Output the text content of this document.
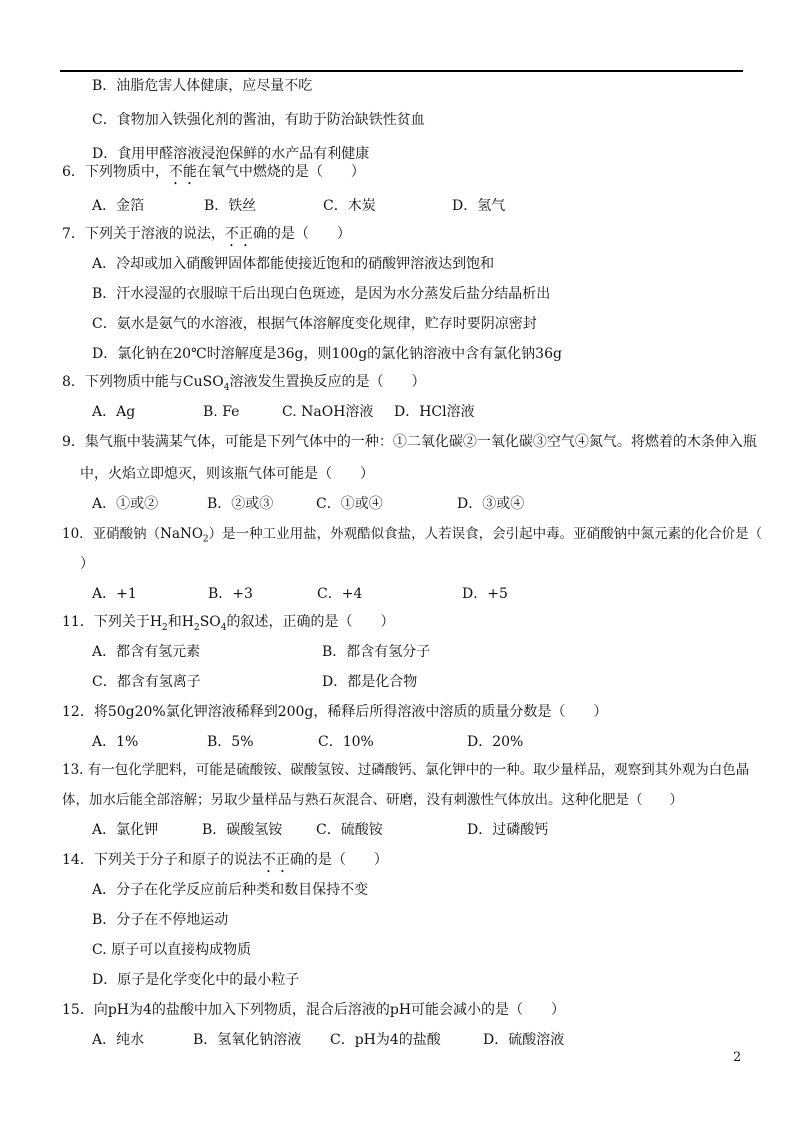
B．油脂危害人体健康，应尽量不吃
C．食物加入铁强化剂的酱油，有助于防治缺铁性贫血
D．食用甲醛溶液浸泡保鲜的水产品有利健康
6．下列物质中，不能在氧气中燃烧的是（　　）
A．金箔	B．铁丝	C．木炭	D．氢气
7．下列关于溶液的说法，不正确的是（　　）
A．冷却或加入硝酸钾固体都能使接近饱和的硝酸钾溶液达到饱和
B．汗水浸湿的衣服晾干后出现白色斑迹，是因为水分蒸发后盐分结晶析出
C．氨水是氨气的水溶液，根据气体溶解度变化规律，贮存时要阴凉密封
D．氯化钠在20℃时溶解度是36g，则100g的氯化钠溶液中含有氯化钠36g
8．下列物质中能与CuSO$_4$溶液发生置换反应的是（　　）
A．Ag	B. Fe	C. NaOH溶液 D．HCl溶液
9．集气瓶中装满某气体，可能是下列气体中的一种：①二氧化碳②一氧化碳③空气④氮气。将燃着的木条伸入瓶
中，火焰立即熄灭，则该瓶气体可能是（　　）
A．①或②	B．②或③	C．①或④	D．③或④
10．亚硝酸钠（NaNO$_2$）是一种工业用盐，外观酷似食盐，人若误食，会引起中毒。亚硝酸钠中氮元素的化合价是（
）
A．+1	B．+3	C．+4	D．+5
11．下列关于$H_2$和$H_2SO_4$的叙述，正确的是（　　）
A．都含有氢元素	B．都含有氢分子
C．都含有氢离子	D．都是化合物
12．将50g20%氯化钾溶液稀释到200g，稀释后所得溶液中溶质的质量分数是（　　）
A．1%	B．5%	C．10%	D．20%
13. 有一包化学肥料，可能是硫酸铵、碳酸氢铵、过磷酸钙、氯化钾中的一种。取少量样品，观察到其外观为白色晶
体，加水后能全部溶解；另取少量样品与熟石灰混合、研磨，没有刺激性气体放出。这种化肥是（　　）
A．氯化钾	B．碳酸氢铵 C．硫酸铵	D．过磷酸钙
14．下列关于分子和原子的说法不正确的是（　　）
A．分子在化学反应前后种类和数目保持不变
B．分子在不停地运动
C. 原子可以直接构成物质
D．原子是化学变化中的最小粒子
15．向pH为4的盐酸中加入下列物质，混合后溶液的pH可能会减小的是（　　）
A．纯水	B．氢氧化钠溶液 C．pH为4的盐酸	D．硫酸溶液
2
